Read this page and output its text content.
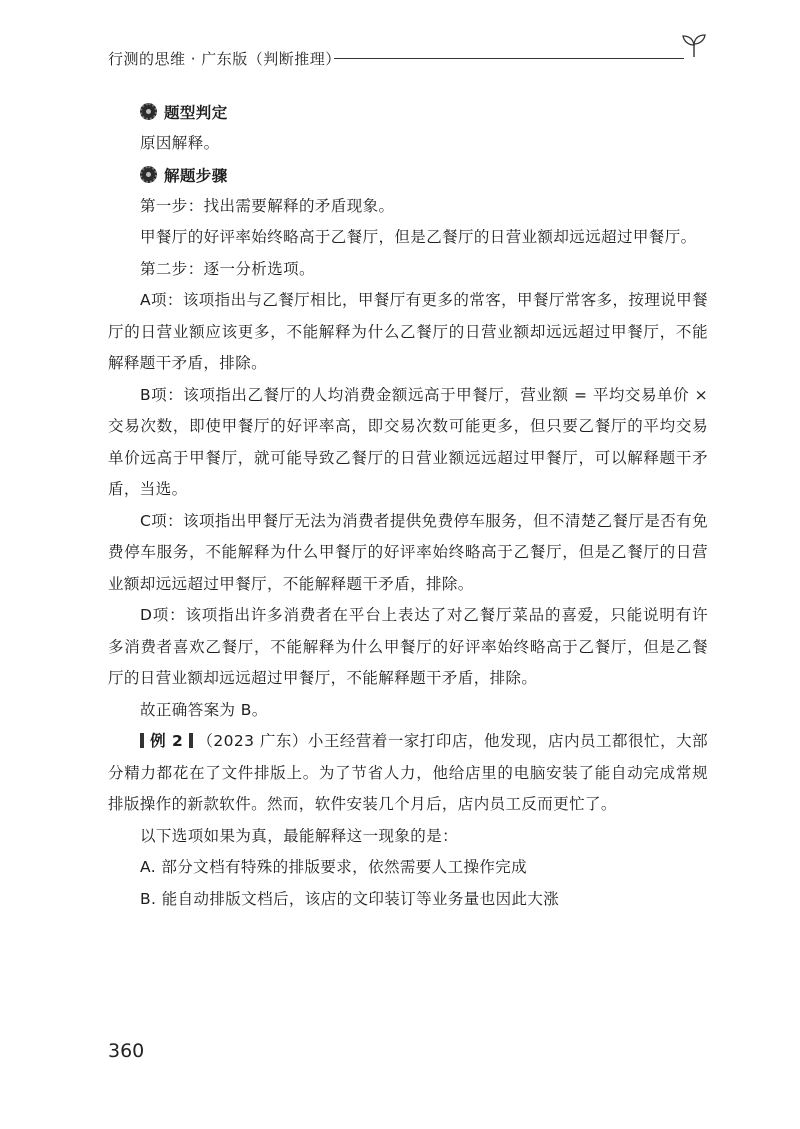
行测的思维 · 广东版（判断推理）
题型判定

原因解释。

解题步骤

第一步：找出需要解释的矛盾现象。

甲餐厅的好评率始终略高于乙餐厅，但是乙餐厅的日营业额却远远超过甲餐厅。

第二步：逐一分析选项。

A项：该项指出与乙餐厅相比，甲餐厅有更多的常客，甲餐厅常客多，按理说甲餐厅的日营业额应该更多，不能解释为什么乙餐厅的日营业额却远远超过甲餐厅，不能解释题干矛盾，排除。

B项：该项指出乙餐厅的人均消费金额远高于甲餐厅，营业额 = 平均交易单价 × 交易次数，即使甲餐厅的好评率高，即交易次数可能更多，但只要乙餐厅的平均交易单价远高于甲餐厅，就可能导致乙餐厅的日营业额远远超过甲餐厅，可以解释题干矛盾，当选。

C项：该项指出甲餐厅无法为消费者提供免费停车服务，但不清楚乙餐厅是否有免费停车服务，不能解释为什么甲餐厅的好评率始终略高于乙餐厅，但是乙餐厅的日营业额却远远超过甲餐厅，不能解释题干矛盾，排除。

D项：该项指出许多消费者在平台上表达了对乙餐厅菜品的喜爱，只能说明有许多消费者喜欢乙餐厅，不能解释为什么甲餐厅的好评率始终略高于乙餐厅，但是乙餐厅的日营业额却远远超过甲餐厅，不能解释题干矛盾，排除。

故正确答案为 B。

例 2 （2023 广东）小王经营着一家打印店，他发现，店内员工都很忙，大部分精力都花在了文件排版上。为了节省人力，他给店里的电脑安装了能自动完成常规排版操作的新款软件。然而，软件安装几个月后，店内员工反而更忙了。

以下选项如果为真，最能解释这一现象的是：

A. 部分文档有特殊的排版要求，依然需要人工操作完成

B. 能自动排版文档后，该店的文印装订等业务量也因此大涨

360
